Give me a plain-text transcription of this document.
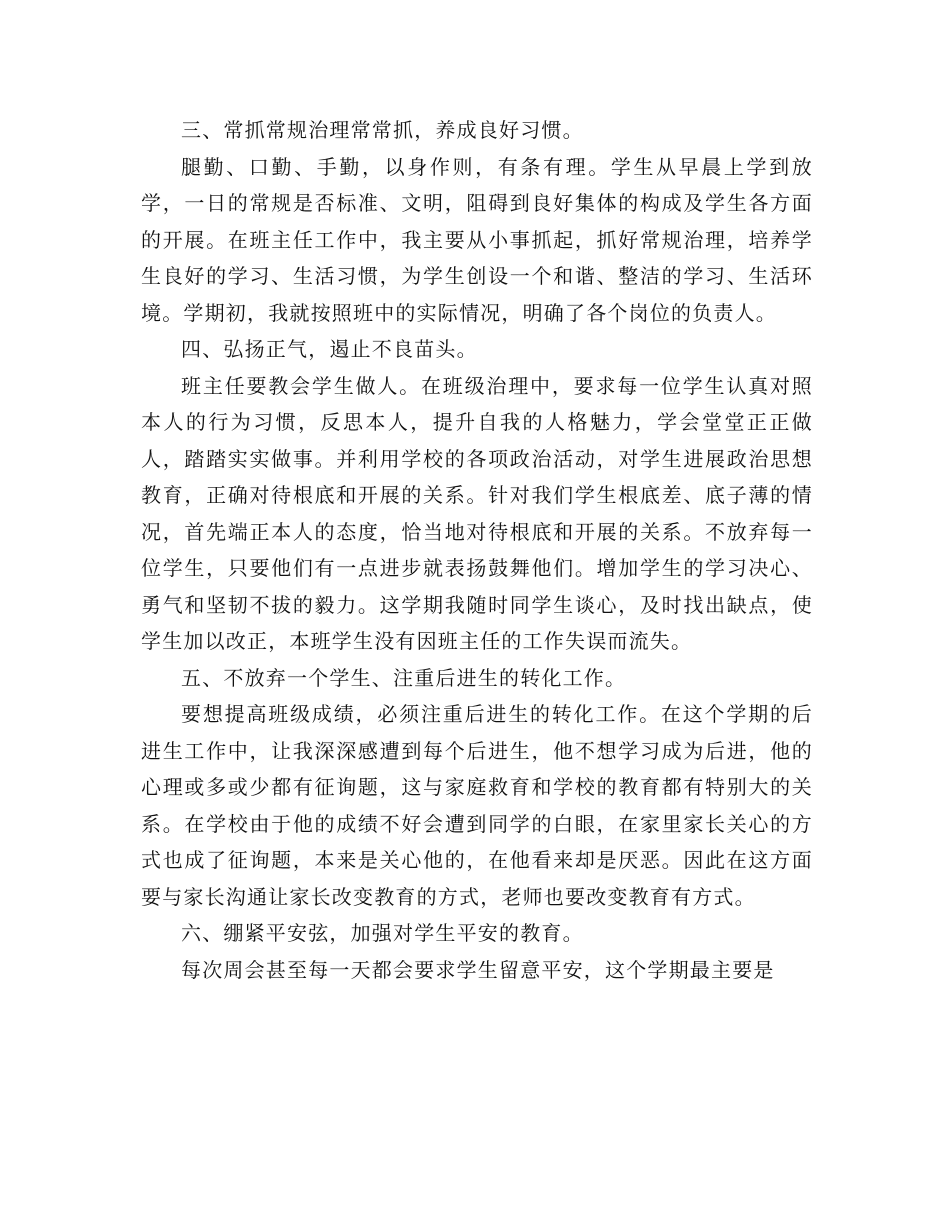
三、常抓常规治理常常抓，养成良好习惯。

腿勤、口勤、手勤，以身作则，有条有理。学生从早晨上学到放学，一日的常规是否标准、文明，阻碍到良好集体的构成及学生各方面的开展。在班主任工作中，我主要从小事抓起，抓好常规治理，培养学生良好的学习、生活习惯，为学生创设一个和谐、整洁的学习、生活环境。学期初，我就按照班中的实际情况，明确了各个岗位的负责人。

四、弘扬正气，遏止不良苗头。

班主任要教会学生做人。在班级治理中，要求每一位学生认真对照本人的行为习惯，反思本人，提升自我的人格魅力，学会堂堂正正做人，踏踏实实做事。并利用学校的各项政治活动，对学生进展政治思想教育，正确对待根底和开展的关系。针对我们学生根底差、底子薄的情况，首先端正本人的态度，恰当地对待根底和开展的关系。不放弃每一位学生，只要他们有一点进步就表扬鼓舞他们。增加学生的学习决心、勇气和坚韧不拔的毅力。这学期我随时同学生谈心，及时找出缺点，使学生加以改正，本班学生没有因班主任的工作失误而流失。

五、不放弃一个学生、注重后进生的转化工作。

要想提高班级成绩，必须注重后进生的转化工作。在这个学期的后进生工作中，让我深深感遭到每个后进生，他不想学习成为后进，他的心理或多或少都有征询题，这与家庭救育和学校的教育都有特别大的关系。在学校由于他的成绩不好会遭到同学的白眼，在家里家长关心的方式也成了征询题，本来是关心他的，在他看来却是厌恶。因此在这方面要与家长沟通让家长改变教育的方式，老师也要改变教育有方式。

六、绷紧平安弦，加强对学生平安的教育。

每次周会甚至每一天都会要求学生留意平安，这个学期最主要是
